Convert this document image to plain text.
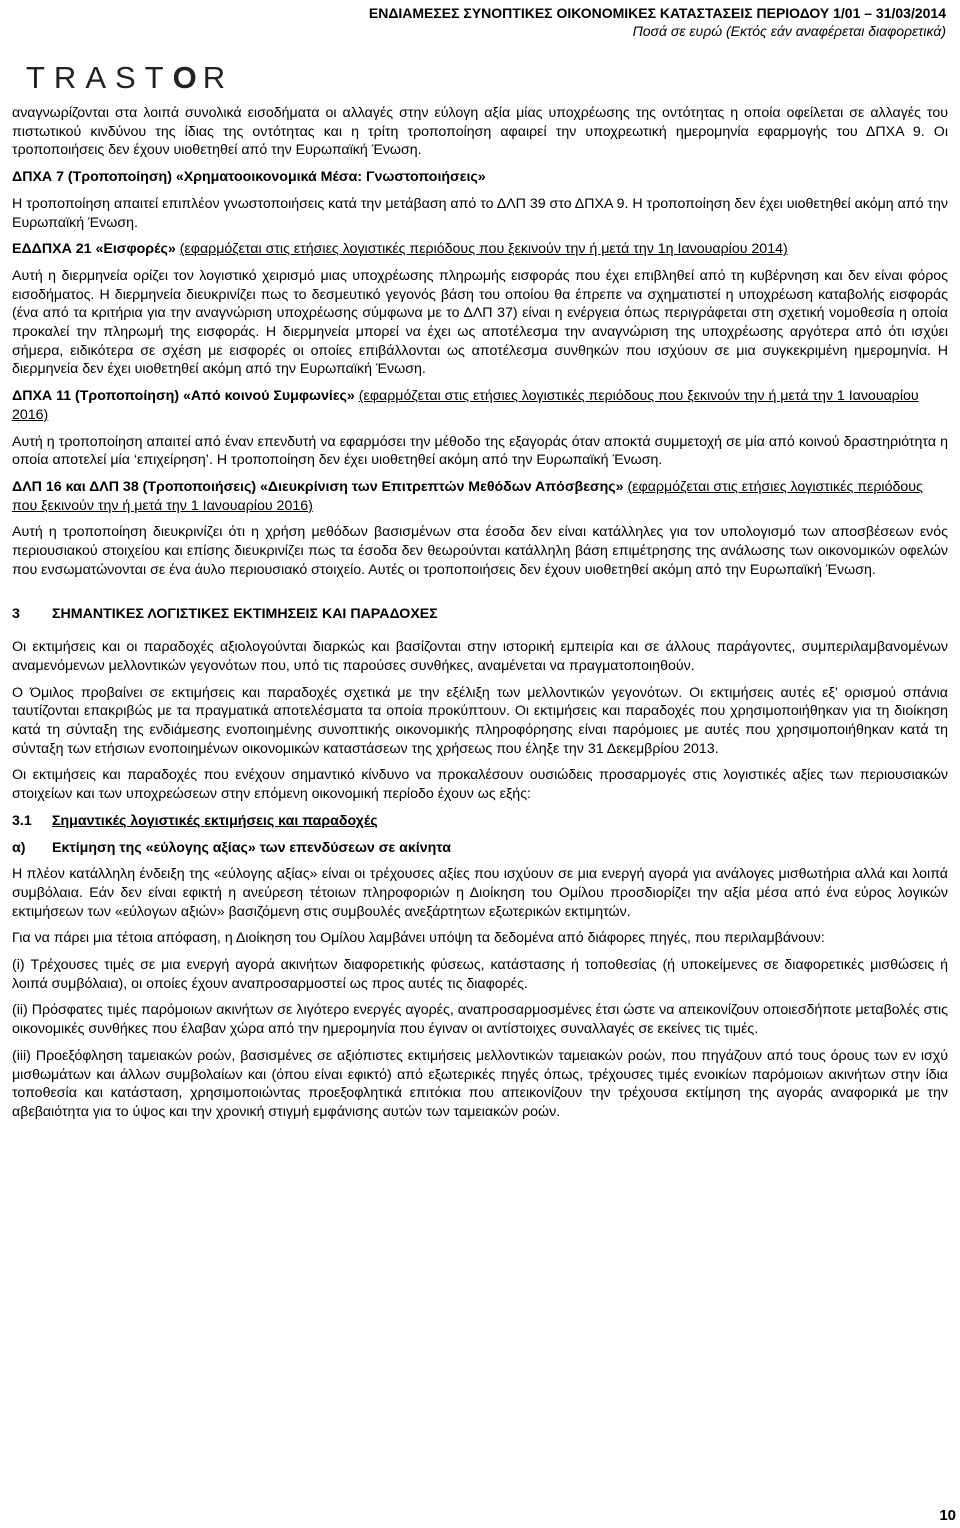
TRASTOR
ΕΝΔΙΑΜΕΣΕΣ ΣΥΝΟΠΤΙΚΕΣ ΟΙΚΟΝΟΜΙΚΕΣ ΚΑΤΑΣΤΑΣΕΙΣ ΠΕΡΙΟΔΟΥ 1/01 – 31/03/2014
Ποσά σε ευρώ (Εκτός εάν αναφέρεται διαφορετικά)

αναγνωρίζονται στα λοιπά συνολικά εισοδήματα οι αλλαγές στην εύλογη αξία μίας υποχρέωσης της οντότητας η οποία οφείλεται σε αλλαγές του πιστωτικού κινδύνου της ίδιας της οντότητας και η τρίτη τροποποίηση αφαιρεί την υποχρεωτική ημερομηνία εφαρμογής του ΔΠΧΑ 9. Οι τροποποιήσεις δεν έχουν υιοθετηθεί από την Ευρωπαϊκή Ένωση.

ΔΠΧΑ 7 (Τροποποίηση) «Χρηματοοικονομικά Μέσα: Γνωστοποιήσεις»

Η τροποποίηση απαιτεί επιπλέον γνωστοποιήσεις κατά την μετάβαση από το ΔΛΠ 39 στο ΔΠΧΑ 9. Η τροποποίηση δεν έχει υιοθετηθεί ακόμη από την Ευρωπαϊκή Ένωση.

ΕΔΔΠΧΑ 21 «Εισφορές» (εφαρμόζεται στις ετήσιες λογιστικές περιόδους που ξεκινούν την ή μετά την 1η Ιανουαρίου 2014)

Αυτή η διερμηνεία ορίζει τον λογιστικό χειρισμό μιας υποχρέωσης πληρωμής εισφοράς που έχει επιβληθεί από τη κυβέρνηση και δεν είναι φόρος εισοδήματος. Η διερμηνεία διευκρινίζει πως το δεσμευτικό γεγονός βάση του οποίου θα έπρεπε να σχηματιστεί η υποχρέωση καταβολής εισφοράς (ένα από τα κριτήρια για την αναγνώριση υποχρέωσης σύμφωνα με το ΔΛΠ 37) είναι η ενέργεια όπως περιγράφεται στη σχετική νομοθεσία η οποία προκαλεί την πληρωμή της εισφοράς. Η διερμηνεία μπορεί να έχει ως αποτέλεσμα την αναγνώριση της υποχρέωσης αργότερα από ότι ισχύει σήμερα, ειδικότερα σε σχέση με εισφορές οι οποίες επιβάλλονται ως αποτέλεσμα συνθηκών που ισχύουν σε μια συγκεκριμένη ημερομηνία. Η διερμηνεία δεν έχει υιοθετηθεί ακόμη από την Ευρωπαϊκή Ένωση.

ΔΠΧΑ 11 (Τροποποίηση) «Από κοινού Συμφωνίες» (εφαρμόζεται στις ετήσιες λογιστικές περιόδους που ξεκινούν την ή μετά την 1 Ιανουαρίου 2016)

Αυτή η τροποποίηση απαιτεί από έναν επενδυτή να εφαρμόσει την μέθοδο της εξαγοράς όταν αποκτά συμμετοχή σε μία από κοινού δραστηριότητα η οποία αποτελεί μία ‘επιχείρηση’. Η τροποποίηση δεν έχει υιοθετηθεί ακόμη από την Ευρωπαϊκή Ένωση.

ΔΛΠ 16 και ΔΛΠ 38 (Τροποποιήσεις) «Διευκρίνιση των Επιτρεπτών Μεθόδων Απόσβεσης» (εφαρμόζεται στις ετήσιες λογιστικές περιόδους που ξεκινούν την ή μετά την 1 Ιανουαρίου 2016)

Αυτή η τροποποίηση διευκρινίζει ότι η χρήση μεθόδων βασισμένων στα έσοδα δεν είναι κατάλληλες για τον υπολογισμό των αποσβέσεων ενός περιουσιακού στοιχείου και επίσης διευκρινίζει πως τα έσοδα δεν θεωρούνται κατάλληλη βάση επιμέτρησης της ανάλωσης των οικονομικών οφελών που ενσωματώνονται σε ένα άυλο περιουσιακό στοιχείο. Αυτές οι τροποποιήσεις δεν έχουν υιοθετηθεί ακόμη από την Ευρωπαϊκή Ένωση.

3	ΣΗΜΑΝΤΙΚΕΣ ΛΟΓΙΣΤΙΚΕΣ ΕΚΤΙΜΗΣΕΙΣ ΚΑΙ ΠΑΡΑΔΟΧΕΣ

Οι εκτιμήσεις και οι παραδοχές αξιολογούνται διαρκώς και βασίζονται στην ιστορική εμπειρία και σε άλλους παράγοντες, συμπεριλαμβανομένων αναμενόμενων μελλοντικών γεγονότων που, υπό τις παρούσες συνθήκες, αναμένεται να πραγματοποιηθούν.

Ο Όμιλος προβαίνει σε εκτιμήσεις και παραδοχές σχετικά με την εξέλιξη των μελλοντικών γεγονότων. Οι εκτιμήσεις αυτές εξ’ ορισμού σπάνια ταυτίζονται επακριβώς με τα πραγματικά αποτελέσματα τα οποία προκύπτουν. Οι εκτιμήσεις και παραδοχές που χρησιμοποιήθηκαν για τη διοίκηση κατά τη σύνταξη της ενδιάμεσης ενοποιημένης συνοπτικής οικονομικής πληροφόρησης είναι παρόμοιες με αυτές που χρησιμοποιήθηκαν κατά τη σύνταξη των ετήσιων ενοποιημένων οικονομικών καταστάσεων της χρήσεως που έληξε την 31 Δεκεμβρίου 2013.

Οι εκτιμήσεις και παραδοχές που ενέχουν σημαντικό κίνδυνο να προκαλέσουν ουσιώδεις προσαρμογές στις λογιστικές αξίες των περιουσιακών στοιχείων και των υποχρεώσεων στην επόμενη οικονομική περίοδο έχουν ως εξής:

3.1	Σημαντικές λογιστικές εκτιμήσεις και παραδοχές
α)	Εκτίμηση της «εύλογης αξίας» των επενδύσεων σε ακίνητα

Η πλέον κατάλληλη ένδειξη της «εύλογης αξίας» είναι οι τρέχουσες αξίες που ισχύουν σε μια ενεργή αγορά για ανάλογες μισθωτήρια αλλά και λοιπά συμβόλαια. Εάν δεν είναι εφικτή η ανεύρεση τέτοιων πληροφοριών η Διοίκηση του Ομίλου προσδιορίζει την αξία μέσα από ένα εύρος λογικών εκτιμήσεων των «εύλογων αξιών» βασιζόμενη στις συμβουλές ανεξάρτητων εξωτερικών εκτιμητών.

Για να πάρει μια τέτοια απόφαση, η Διοίκηση του Ομίλου λαμβάνει υπόψη τα δεδομένα από διάφορες πηγές, που περιλαμβάνουν:

(i) Τρέχουσες τιμές σε μια ενεργή αγορά ακινήτων διαφορετικής φύσεως, κατάστασης ή τοποθεσίας (ή υποκείμενες σε διαφορετικές μισθώσεις ή λοιπά συμβόλαια), οι οποίες έχουν αναπροσαρμοστεί ως προς αυτές τις διαφορές.

(ii) Πρόσφατες τιμές παρόμοιων ακινήτων σε λιγότερο ενεργές αγορές, αναπροσαρμοσμένες έτσι ώστε να απεικονίζουν οποιεσδήποτε μεταβολές στις οικονομικές συνθήκες που έλαβαν χώρα από την ημερομηνία που έγιναν οι αντίστοιχες συναλλαγές σε εκείνες τις τιμές.

(iii) Προεξόφληση ταμειακών ροών, βασισμένες σε αξιόπιστες εκτιμήσεις μελλοντικών ταμειακών ροών, που πηγάζουν από τους όρους των εν ισχύ μισθωμάτων και άλλων συμβολαίων και (όπου είναι εφικτό) από εξωτερικές πηγές όπως, τρέχουσες τιμές ενοικίων παρόμοιων ακινήτων στην ίδια τοποθεσία και κατάσταση, χρησιμοποιώντας προεξοφλητικά επιτόκια που απεικονίζουν την τρέχουσα εκτίμηση της αγοράς αναφορικά με την αβεβαιότητα για το ύψος και την χρονική στιγμή εμφάνισης αυτών των ταμειακών ροών.

10
